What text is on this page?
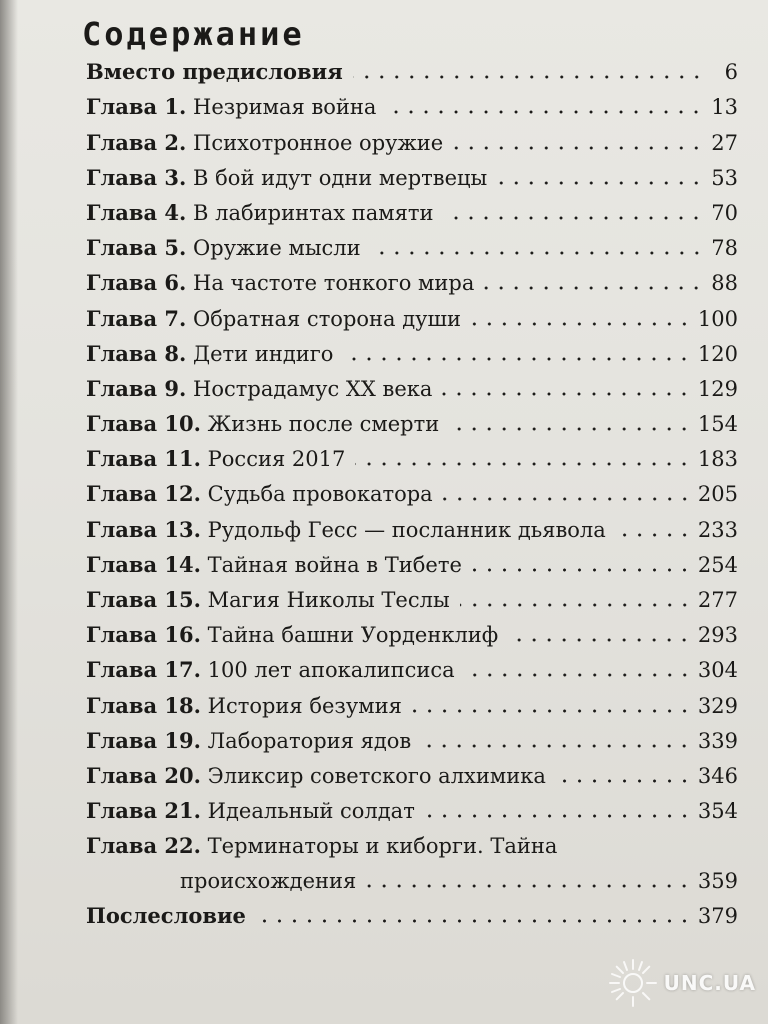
Содержание
Вместо предисловия	6
Глава 1. Незримая война	13
Глава 2. Психотронное оружие	27
Глава 3. В бой идут одни мертвецы	53
Глава 4. В лабиринтах памяти	70
Глава 5. Оружие мысли	78
Глава 6. На частоте тонкого мира	88
Глава 7. Обратная сторона души	100
Глава 8. Дети индиго	120
Глава 9. Нострадамус XX века	129
Глава 10. Жизнь после смерти	154
Глава 11. Россия 2017	183
Глава 12. Судьба провокатора	205
Глава 13. Рудольф Гесс — посланник дьявола	233
Глава 14. Тайная война в Тибете	254
Глава 15. Магия Николы Теслы	277
Глава 16. Тайна башни Уорденклиф	293
Глава 17. 100 лет апокалипсиса	304
Глава 18. История безумия	329
Глава 19. Лаборатория ядов	339
Глава 20. Эликсир советского алхимика	346
Глава 21. Идеальный солдат	354
Глава 22.
Терминаторы и киборги. Тайна
происхождения	359
Послесловие	379
UNC.UA
